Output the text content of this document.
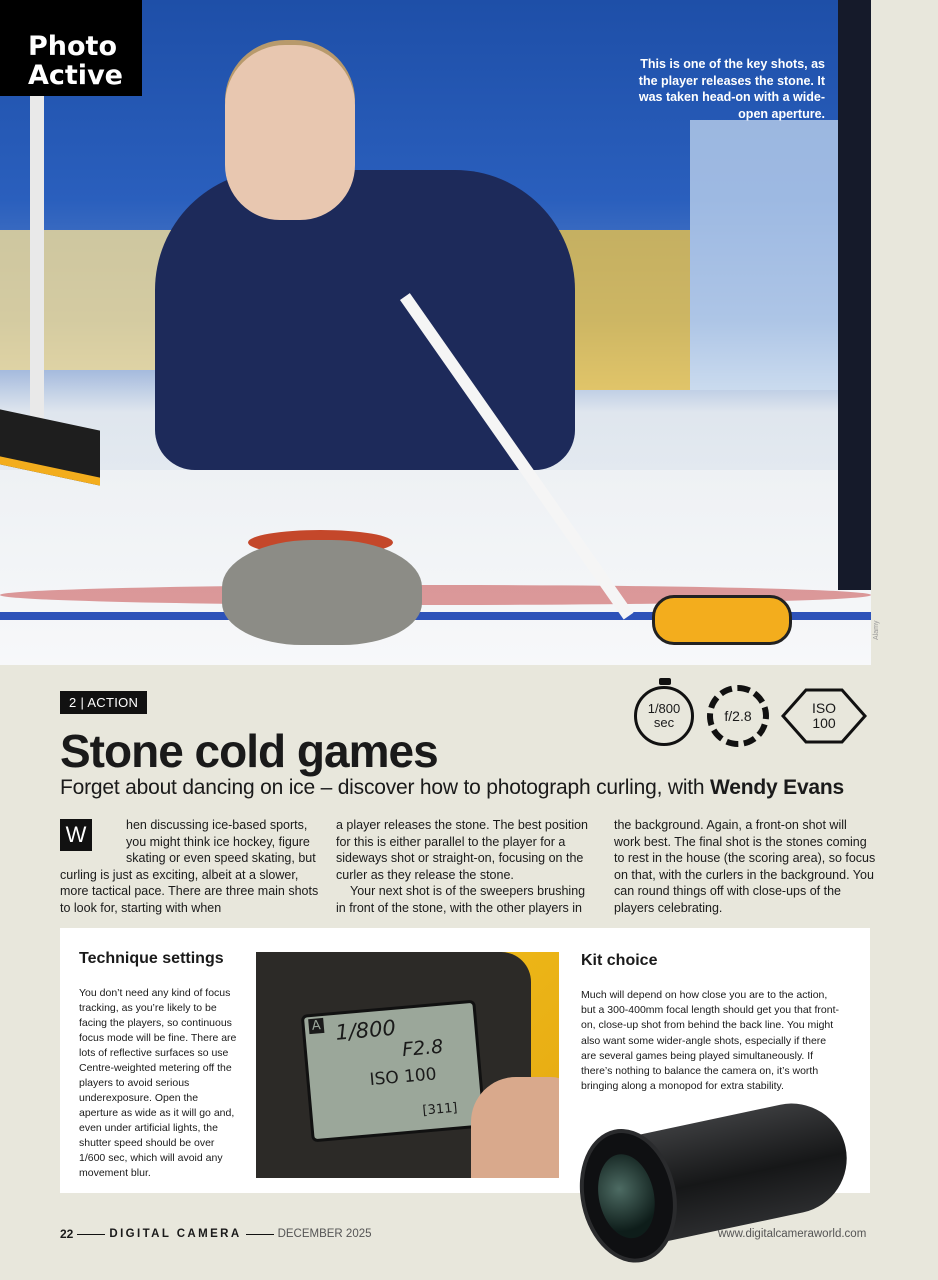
This is one of the key shots, as the player releases the stone. It was taken head-on with a wide-open aperture.
Alamy
Photo
Active
2 | ACTION
Stone cold games
Forget about dancing on ice – discover how to photograph curling, with Wendy Evans
1/800
sec	f/2.8	ISO
100
W	hen discussing ice-based sports, you might think ice hockey, figure skating or even speed skating, but curling is just as exciting, albeit at a slower, more tactical pace. There are three main shots to look for, starting with when

a player releases the stone. The best position for this is either parallel to the player for a sideways shot or straight-on, focusing on the curler as they release the stone.

Your next shot is of the sweepers brushing in front of the stone, with the other players in

the background. Again, a front-on shot will work best. The final shot is the stones coming to rest in the house (the scoring area), so focus on that, with the curlers in the background. You can round things off with close-ups of the players celebrating.

Technique settings

You don’t need any kind of focus tracking, as you’re likely to be facing the players, so continuous focus mode will be fine. There are lots of reflective surfaces so use Centre-weighted metering off the players to avoid serious underexposure. Open the aperture as wide as it will go and, even under artificial lights, the shutter speed should be over 1/600 sec, which will avoid any movement blur.

A 1/800
F2.8
ISO 100
[311]
Kit choice

Much will depend on how close you are to the action, but a 300-400mm focal length should get you that front-on, close-up shot from behind the back line. You might also want some wider-angle shots, especially if there are several games being played simultaneously. If there’s nothing to balance the camera on, it’s worth bringing along a monopod for extra stability.

22	DIGITAL CAMERA	DECEMBER 2025	www.digitalcameraworld.com
